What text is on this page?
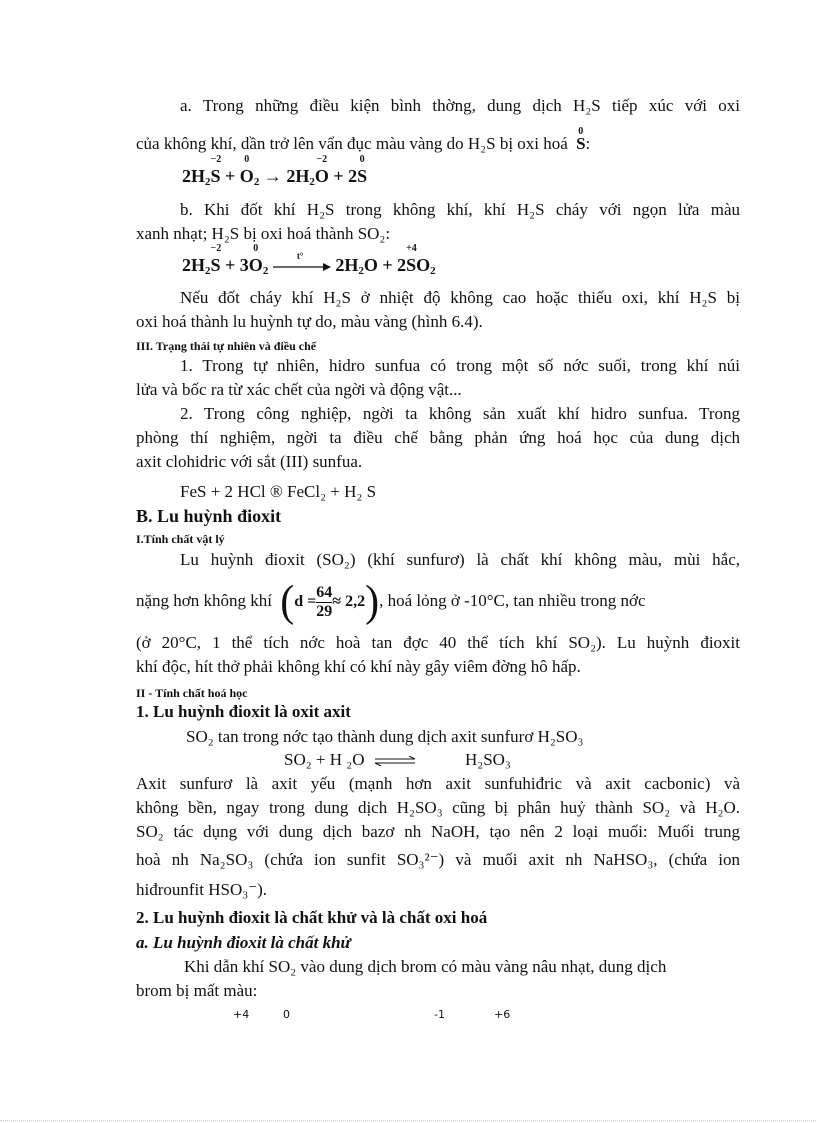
a. Trong những điều kiện bình thờng, dung dịch H₂S tiếp xúc với oxi
của không khí, dần trở lên vẩn đục màu vàng do H₂S bị oxi hoá
0
S:
$2H_2$
−2
S +
0
$O_2 \to 2H_2$
−2
O + 2
0
S
b. Khi đốt khí H₂S trong không khí, khí H₂S cháy với ngọn lửa màu
xanh nhạt; H₂S bị oxi hoá thành SO₂:
$2H_2$
−2
S + 3
0
$O_2$
t° $2H_2O + 2$
+4
$SO_2$
Nếu đốt cháy khí H₂S ở nhiệt độ không cao hoặc thiếu oxi, khí H₂S bị
oxi hoá thành lu huỳnh tự do, màu vàng (hình 6.4).
III. Trạng thái tự nhiên và điều chế
1. Trong tự nhiên, hidro sunfua có trong một số nớc suối, trong khí núi
lửa và bốc ra từ xác chết của ngời và động vật...
2. Trong công nghiệp, ngời ta không sản xuất khí hidro sunfua. Trong
phòng thí nghiệm, ngời ta điều chế bằng phản ứng hoá học của dung dịch
axit clohidric với sắt (III) sunfua.
FeS + 2 HCl ® FeCl₂ + H₂ S
B. Lu huỳnh đioxit
I.Tính chất vật lý
Lu huỳnh đioxit (SO₂) (khí sunfurơ) là chất khí không màu, mùi hắc,
nặng hơn không khí $(d = \frac{64}{29} \approx 2,2)$, hoá lỏng ở -10°C, tan nhiều trong nớc
(ở 20°C, 1 thể tích nớc hoà tan đợc 40 thể tích khí SO₂). Lu huỳnh đioxit
khí độc, hít thở phải không khí có khí này gây viêm đờng hô hấp.
II - Tính chất hoá học
1. Lu huỳnh đioxit là oxit axit
SO₂ tan trong nớc tạo thành dung dịch axit sunfurơ H₂SO₃
SO₂ + H ₂O ⇌	H₂SO₃
Axit sunfurơ là axit yếu (mạnh hơn axit sunfuhiđric và axit cacbonic) và
không bền, ngay trong dung dịch H₂SO₃ cũng bị phân huỷ thành SO₂ và H₂O.
SO₂ tác dụng với dung dịch bazơ nh NaOH, tạo nên 2 loại muối: Muối trung
hoà nh Na₂SO₃ (chứa ion sunfit SO₃²⁻) và muối axit nh NaHSO₃, (chứa ion
hiđrounfit HSO₃⁻).
2. Lu huỳnh đioxit là chất khử và là chất oxi hoá
a. Lu huỳnh đioxit là chất khử
Khi dẫn khí SO₂ vào dung dịch brom có màu vàng nâu nhạt, dung dịch
brom bị mất màu:
+4	0	-1	+6
